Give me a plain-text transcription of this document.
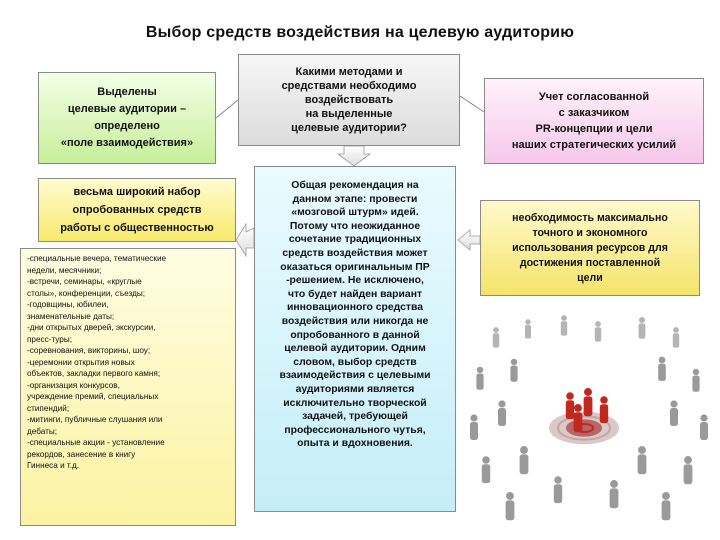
Выбор средств воздействия на целевую аудиторию
Выделены
целевые аудитории –
определено
«поле взаимодействия»
Какими методами и
средствами необходимо
воздействовать
на выделенные
целевые аудитории?
Учет согласованной
с заказчиком
PR-концепции и цели
наших стратегических усилий
весьма широкий набор
опробованных средств
работы с общественностью
-специальные вечера, тематические
недели, месячники;
-встречи, семинары, «круглые
столы», конференции, съезды;
-годовщины, юбилеи,
знаменательные даты;
-дни открытых дверей, экскурсии,
пресс-туры;
-соревнования, викторины, шоу;
-церемонии открытия новых
объектов, закладки первого камня;
-организация конкурсов,
учреждение премий, специальных
стипендий;
-митинги, публичные слушания или
дебаты;
-специальные акции - установление
рекордов, занесение в книгу
Гиннеса и т.д.
Общая рекомендация на
данном этапе: провести
«мозговой штурм» идей.
Потому что неожиданное
сочетание традиционных
средств воздействия может
оказаться оригинальным ПР
-решением. Не исключено,
что будет найден вариант
инновационного средства
воздействия или никогда не
опробованного в данной
целевой аудитории. Одним
словом, выбор средств
взаимодействия с целевыми
аудиториями является
исключительно творческой
задачей, требующей
профессионального чутья,
опыта и вдохновения.
необходимость максимально
точного и экономного
использования ресурсов для
достижения поставленной
цели
